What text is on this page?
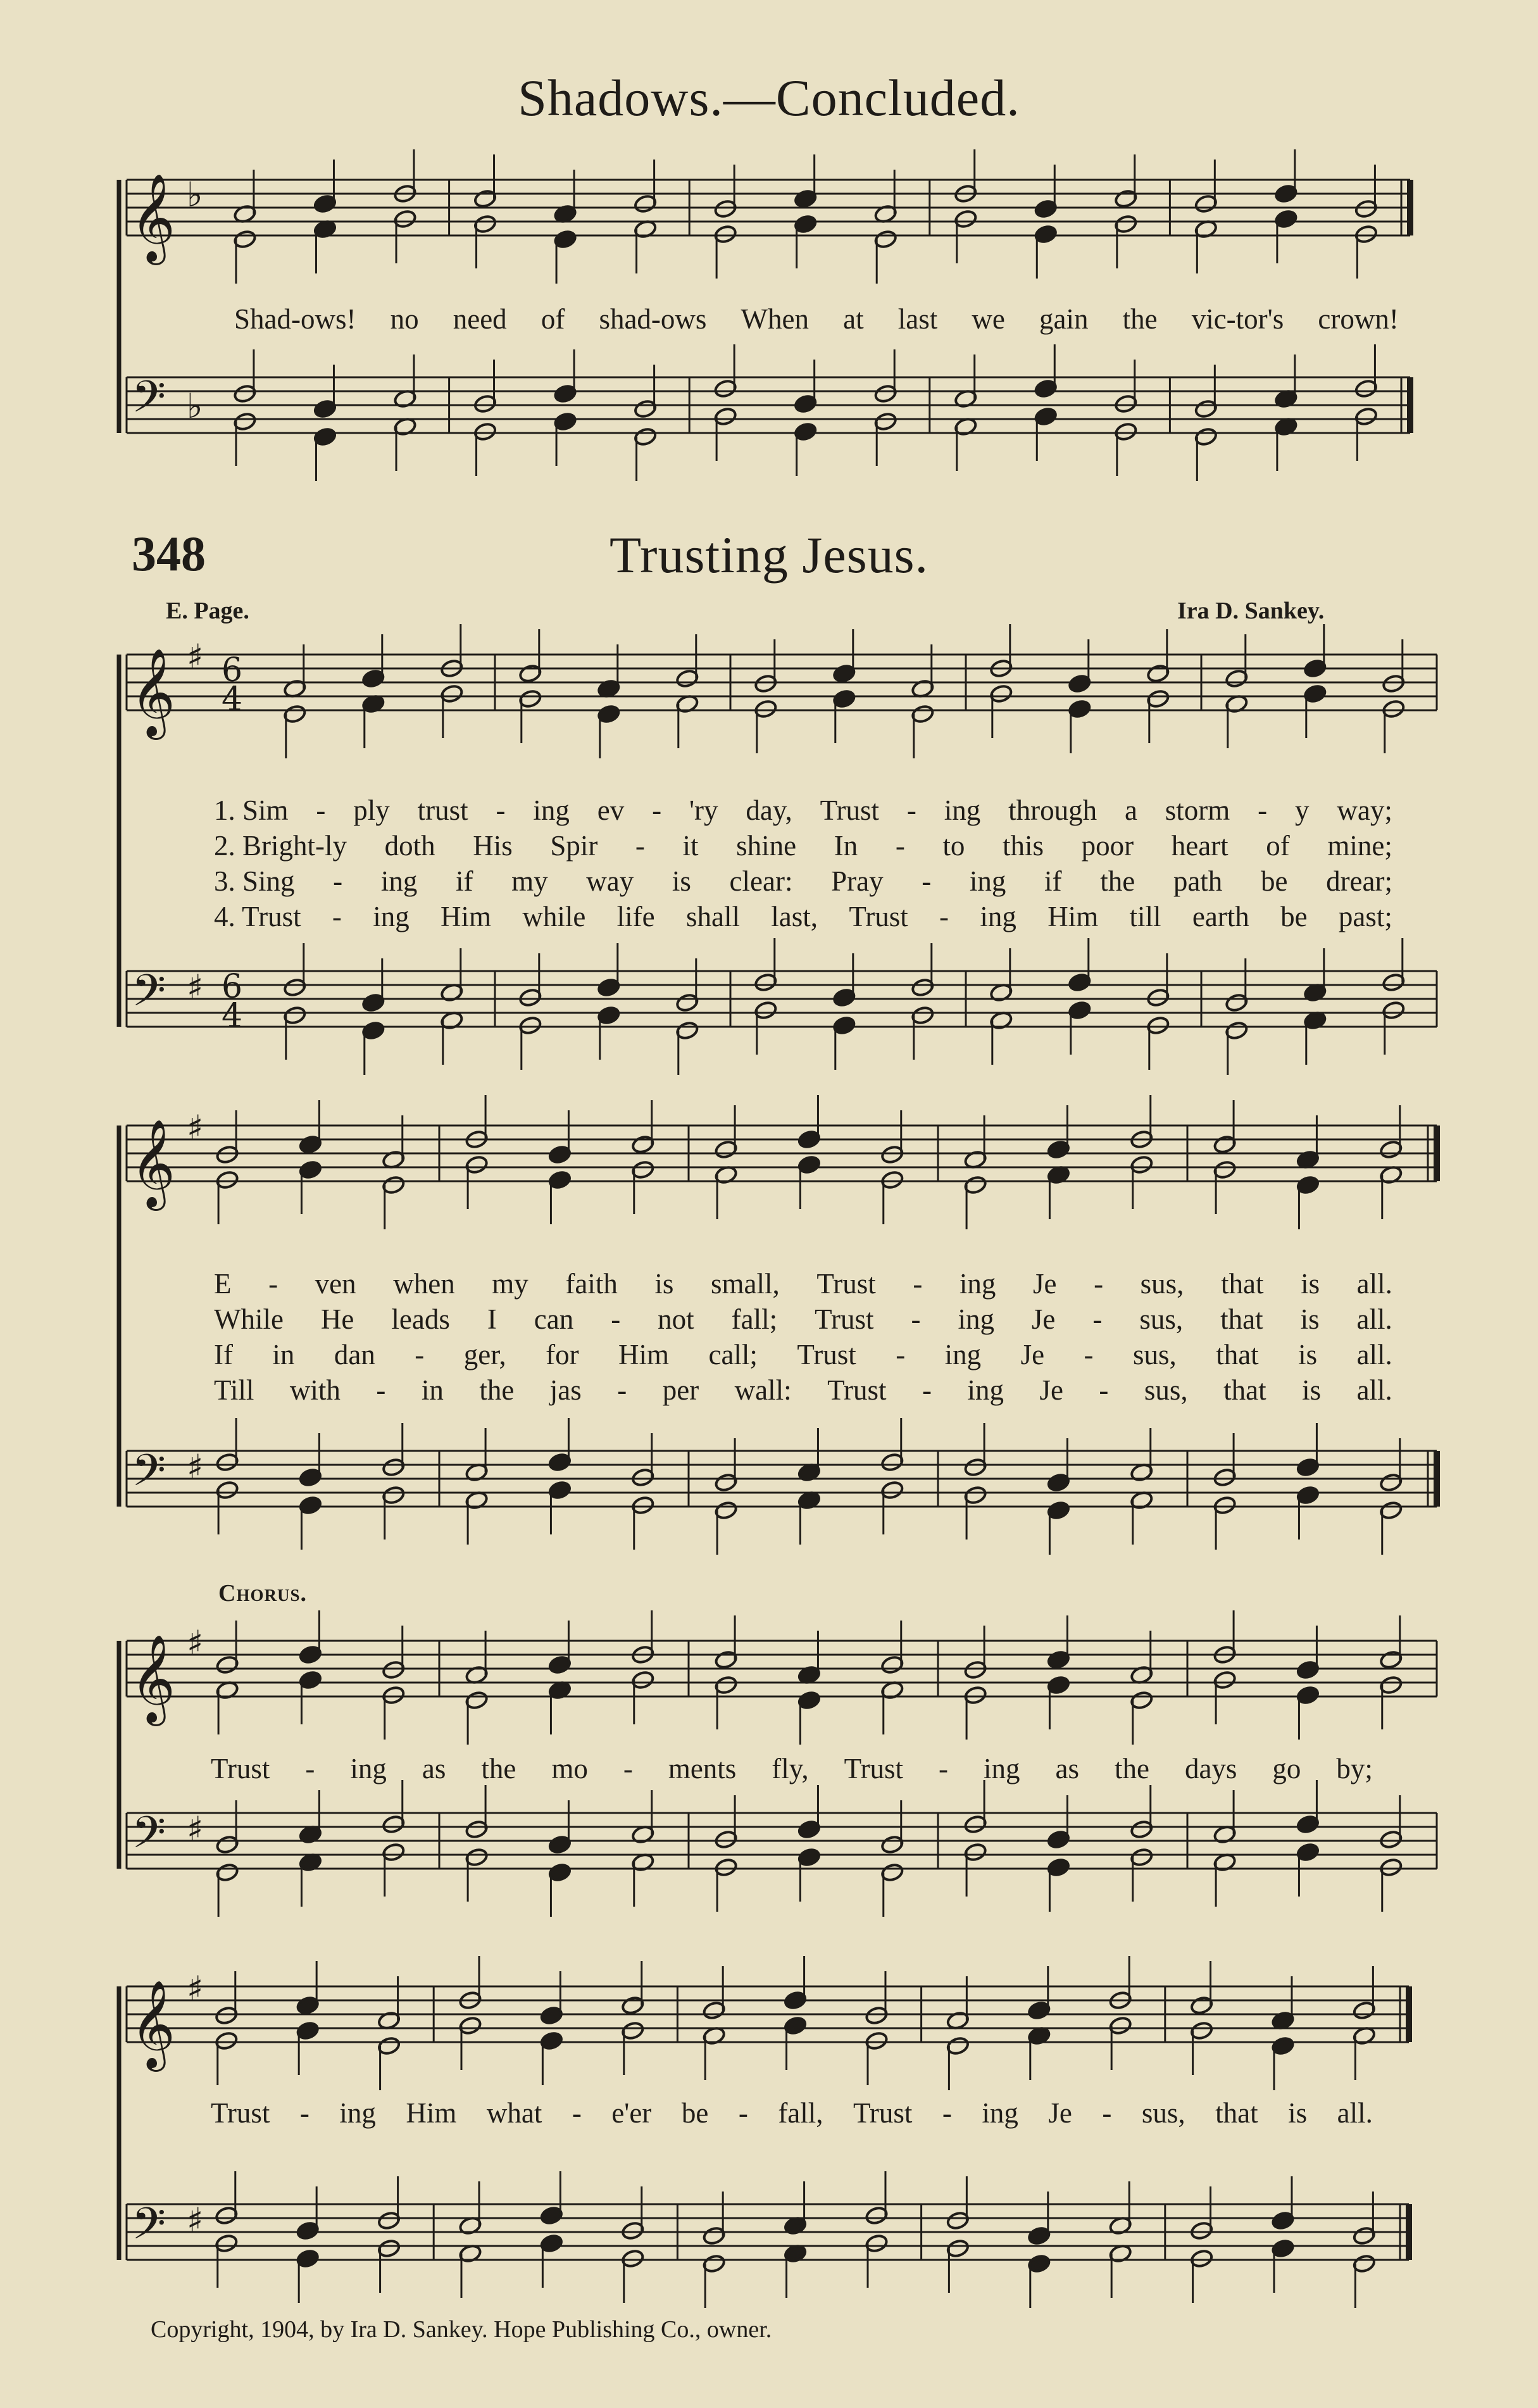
Shadows.—Concluded.
348	Trusting Jesus.
E. Page.	Ira D. Sankey.
𝄞
𝄢
♭
♭
𝄞
𝄢
♯
♯
6
4
6
4
𝄞
𝄢
♯
♯
𝄞
𝄢
♯
♯
𝄞
𝄢
♯
♯
Shad-ows! no need of shad-ows When at last we gain the vic-tor's crown!
1. Sim - ply trust - ing ev - 'ry day, Trust - ing through a storm - y way;
2. Bright-ly doth His Spir - it shine In - to this poor heart of mine;
3. Sing - ing if my way is clear: Pray - ing if the path be drear;
4. Trust - ing Him while life shall last, Trust - ing Him till earth be past;
E - ven when my faith is small, Trust - ing Je - sus, that is all.
While He leads I can - not fall; Trust - ing Je - sus, that is all.
If in dan - ger, for Him call; Trust - ing Je - sus, that is all.
Till with - in the jas - per wall: Trust - ing Je - sus, that is all.
Chorus.
Trust - ing as the mo - ments fly, Trust - ing as the days go by;
Trust - ing Him what - e'er be - fall, Trust - ing Je - sus, that is all.
Copyright, 1904, by Ira D. Sankey. Hope Publishing Co., owner.
